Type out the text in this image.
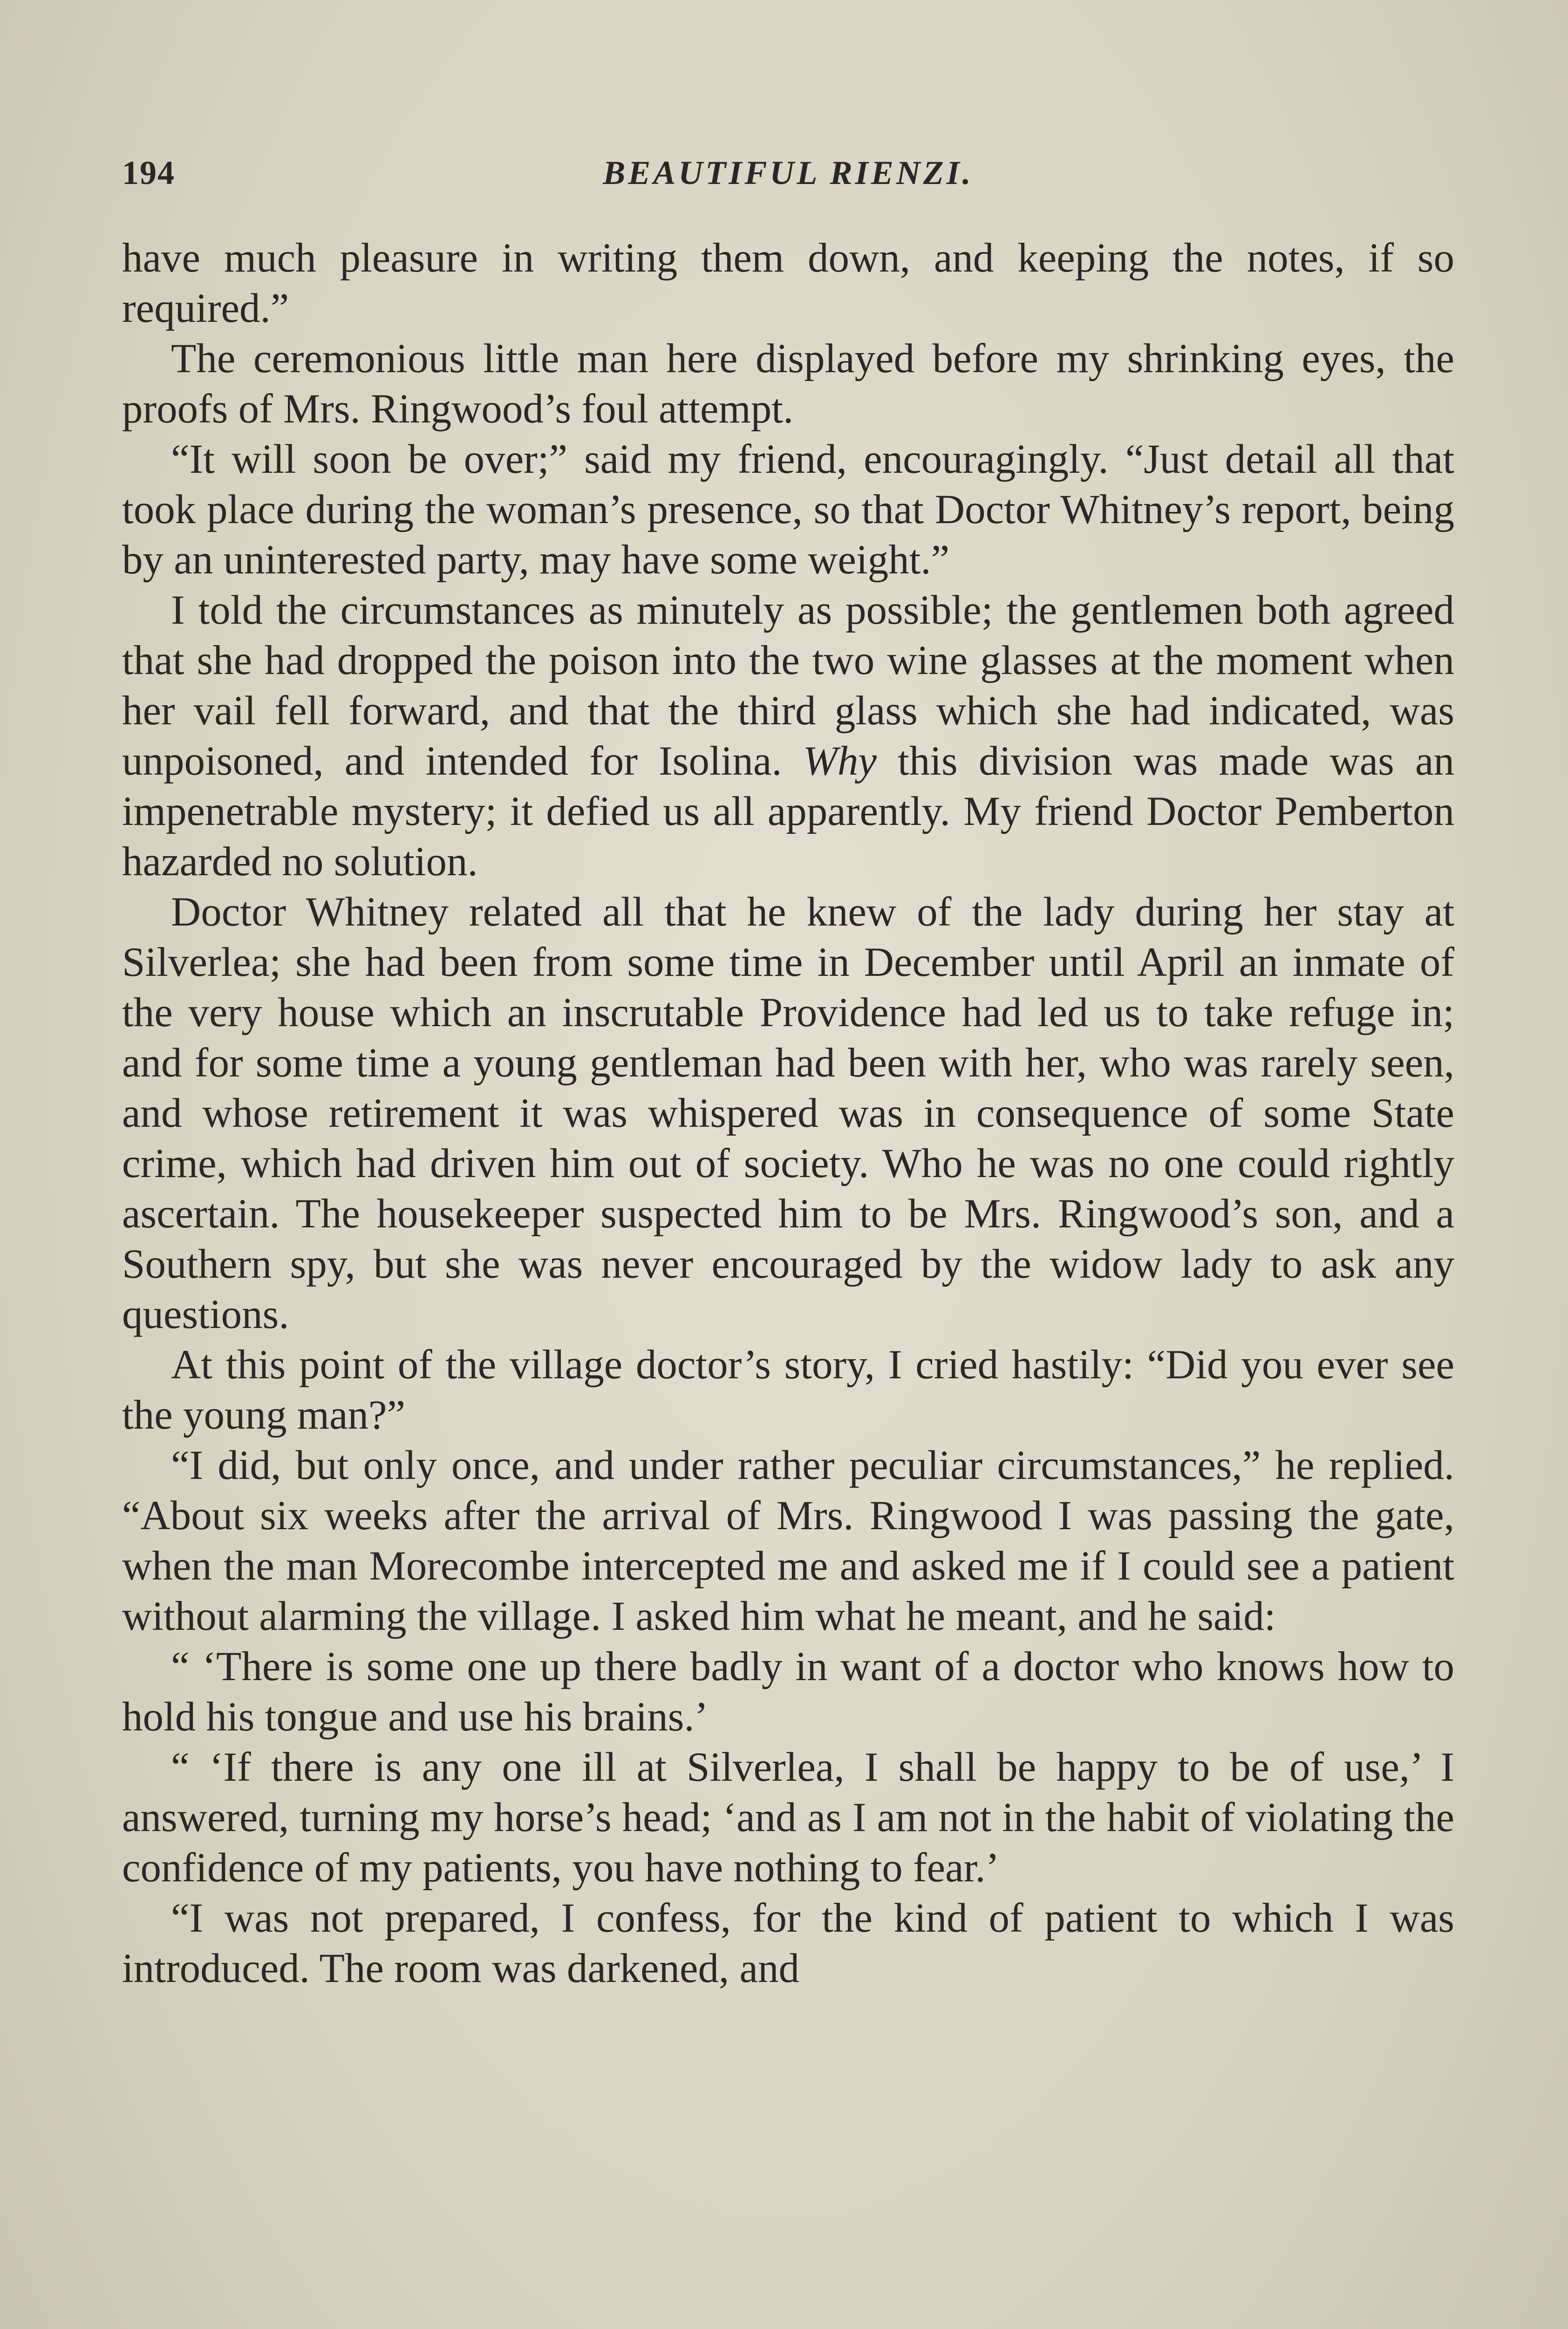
194	BEAUTIFUL RIENZI.

have much pleasure in writing them down, and keeping the notes, if so required.”

The ceremonious little man here displayed before my shrinking eyes, the proofs of Mrs. Ringwood’s foul attempt.

“It will soon be over;” said my friend, encouragingly. “Just detail all that took place during the woman’s presence, so that Doctor Whitney’s report, being by an uninterested party, may have some weight.”

I told the circumstances as minutely as possible; the gentlemen both agreed that she had dropped the poison into the two wine glasses at the moment when her vail fell forward, and that the third glass which she had indicated, was unpoisoned, and intended for Isolina. Why this division was made was an impenetrable mystery; it defied us all apparently. My friend Doctor Pemberton hazarded no solution.

Doctor Whitney related all that he knew of the lady during her stay at Silverlea; she had been from some time in December until April an inmate of the very house which an inscrutable Providence had led us to take refuge in; and for some time a young gentleman had been with her, who was rarely seen, and whose retirement it was whispered was in consequence of some State crime, which had driven him out of society. Who he was no one could rightly ascertain. The housekeeper suspected him to be Mrs. Ringwood’s son, and a Southern spy, but she was never encouraged by the widow lady to ask any questions.

At this point of the village doctor’s story, I cried hastily: “Did you ever see the young man?”

“I did, but only once, and under rather peculiar circumstances,” he replied. “About six weeks after the arrival of Mrs. Ringwood I was passing the gate, when the man Morecombe intercepted me and asked me if I could see a patient without alarming the village. I asked him what he meant, and he said:

“ ‘There is some one up there badly in want of a doctor who knows how to hold his tongue and use his brains.’

“ ‘If there is any one ill at Silverlea, I shall be happy to be of use,’ I answered, turning my horse’s head; ‘and as I am not in the habit of violating the confidence of my patients, you have nothing to fear.’

“I was not prepared, I confess, for the kind of patient to which I was introduced. The room was darkened, and
